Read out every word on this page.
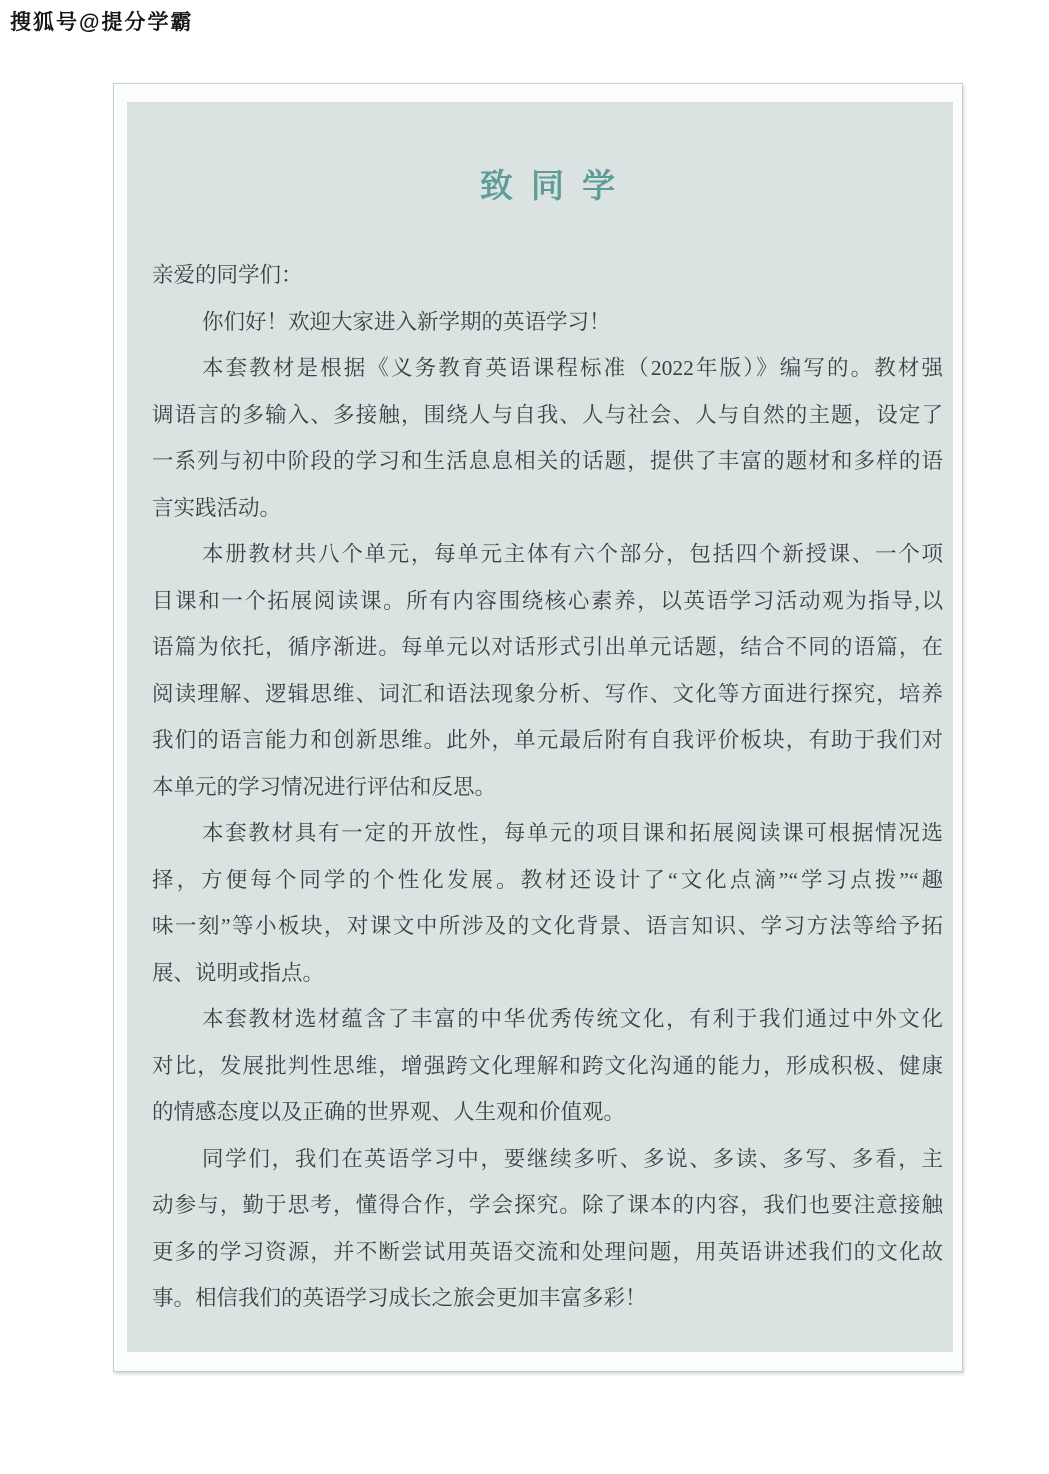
搜狐号@提分学霸
致同学
亲爱的同学们：
你们好！欢迎大家进入新学期的英语学习！
本套教材是根据《义务教育英语课程标准（2022年版）》编写的。教材强
调语言的多输入、多接触，围绕人与自我、人与社会、人与自然的主题，设定了
一系列与初中阶段的学习和生活息息相关的话题，提供了丰富的题材和多样的语
言实践活动。
本册教材共八个单元，每单元主体有六个部分，包括四个新授课、一个项
目课和一个拓展阅读课。所有内容围绕核心素养，以英语学习活动观为指导,以
语篇为依托，循序渐进。每单元以对话形式引出单元话题，结合不同的语篇，在
阅读理解、逻辑思维、词汇和语法现象分析、写作、文化等方面进行探究，培养
我们的语言能力和创新思维。此外，单元最后附有自我评价板块，有助于我们对
本单元的学习情况进行评估和反思。
本套教材具有一定的开放性，每单元的项目课和拓展阅读课可根据情况选
择，方便每个同学的个性化发展。教材还设计了“文化点滴”“学习点拨”“趣
味一刻”等小板块，对课文中所涉及的文化背景、语言知识、学习方法等给予拓
展、说明或指点。
本套教材选材蕴含了丰富的中华优秀传统文化，有利于我们通过中外文化
对比，发展批判性思维，增强跨文化理解和跨文化沟通的能力，形成积极、健康
的情感态度以及正确的世界观、人生观和价值观。
同学们，我们在英语学习中，要继续多听、多说、多读、多写、多看，主
动参与，勤于思考，懂得合作，学会探究。除了课本的内容，我们也要注意接触
更多的学习资源，并不断尝试用英语交流和处理问题，用英语讲述我们的文化故
事。相信我们的英语学习成长之旅会更加丰富多彩！
